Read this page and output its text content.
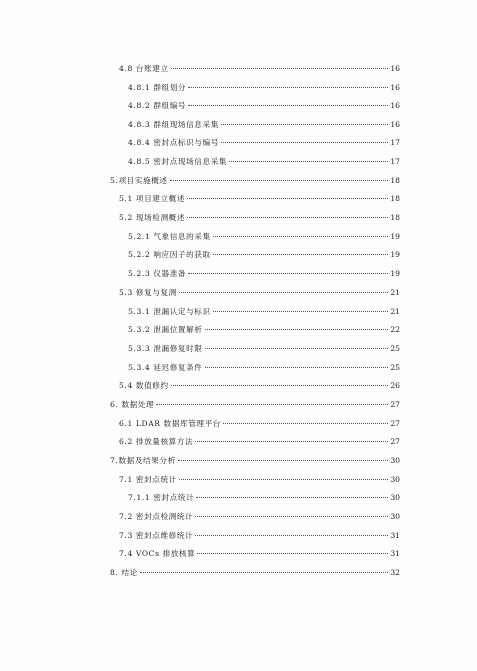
4.8 台账建立	16
4.8.1 群组划分	16
4.8.2 群组编号	16
4.8.3 群组现场信息采集	16
4.8.4 密封点标识与编号	17
4.8.5 密封点现场信息采集	17
5.项目实施概述	18
5.1 项目建立概述	18
5.2 现场检测概述	18
5.2.1 气象信息的采集	19
5.2.2 响应因子的获取	19
5.2.3 仪器准备	19
5.3 修复与复测	21
5.3.1 泄漏认定与标识	21
5.3.2 泄漏位置解析	22
5.3.3 泄漏修复时限	25
5.3.4 延迟修复条件	25
5.4 数值修约	26
6. 数据处理	27
6.1 LDAR 数据库管理平台	27
6.2 排放量核算方法	27
7.数据及结果分析	30
7.1 密封点统计	30
7.1.1 密封点统计	30
7.2 密封点检测统计	30
7.3 密封点维修统计	31
7.4 VOCs 排放核算	31
8. 结论	32
